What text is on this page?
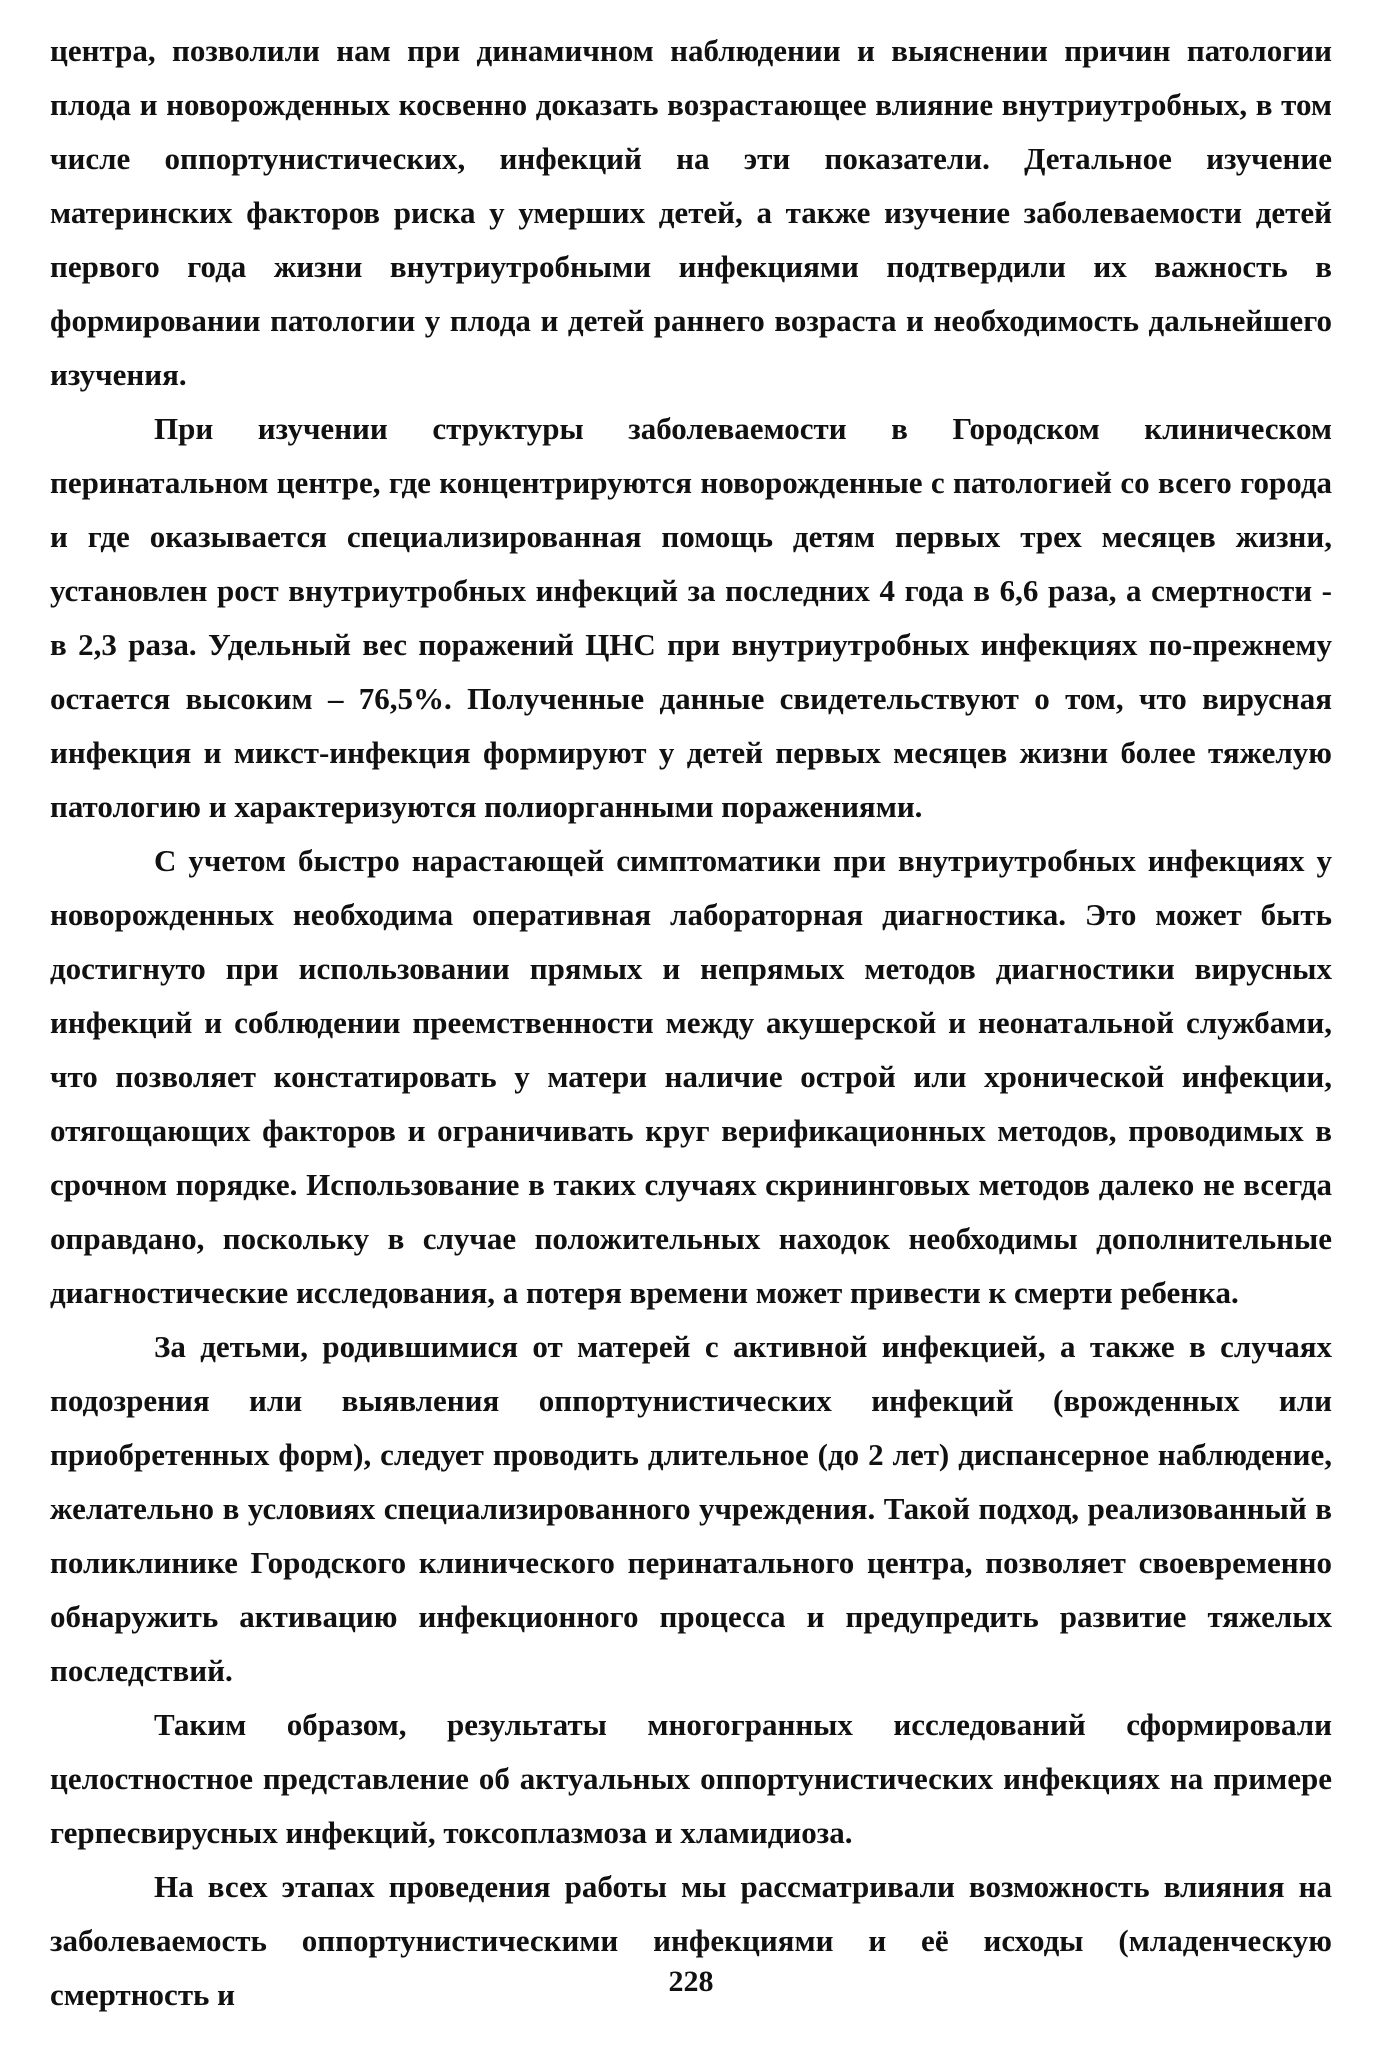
центра, позволили нам при динамичном наблюдении и выяснении причин патологии плода и новорожденных косвенно доказать возрастающее влияние внутриутробных, в том числе оппортунистических, инфекций на эти показатели. Детальное изучение материнских факторов риска у умерших детей, а также изучение заболеваемости детей первого года жизни внутриутробными инфекциями подтвердили их важность в формировании патологии у плода и детей раннего возраста и необходимость дальнейшего изучения.

При изучении структуры заболеваемости в Городском клиническом перинатальном центре, где концентрируются новорожденные с патологией со всего города и где оказывается специализированная помощь детям первых трех месяцев жизни, установлен рост внутриутробных инфекций за последних 4 года в 6,6 раза, а смертности - в 2,3 раза. Удельный вес поражений ЦНС при внутриутробных инфекциях по-прежнему остается высоким – 76,5%. Полученные данные свидетельствуют о том, что вирусная инфекция и микст-инфекция формируют у детей первых месяцев жизни более тяжелую патологию и характеризуются полиорганными поражениями.

С учетом быстро нарастающей симптоматики при внутриутробных инфекциях у новорожденных необходима оперативная лабораторная диагностика. Это может быть достигнуто при использовании прямых и непрямых методов диагностики вирусных инфекций и соблюдении преемственности между акушерской и неонатальной службами, что позволяет констатировать у матери наличие острой или хронической инфекции, отягощающих факторов и ограничивать круг верификационных методов, проводимых в срочном порядке. Использование в таких случаях скрининговых методов далеко не всегда оправдано, поскольку в случае положительных находок необходимы дополнительные диагностические исследования, а потеря времени может привести к смерти ребенка.

За детьми, родившимися от матерей с активной инфекцией, а также в случаях подозрения или выявления оппортунистических инфекций (врожденных или приобретенных форм), следует проводить длительное (до 2 лет) диспансерное наблюдение, желательно в условиях специализированного учреждения. Такой подход, реализованный в поликлинике Городского клинического перинатального центра, позволяет своевременно обнаружить активацию инфекционного процесса и предупредить развитие тяжелых последствий.

Таким образом, результаты многогранных исследований сформировали целостностное представление об актуальных оппортунистических инфекциях на примере герпесвирусных инфекций, токсоплазмоза и хламидиоза.

На всех этапах проведения работы мы рассматривали возможность влияния на заболеваемость оппортунистическими инфекциями и её исходы (младенческую смертность и	228
